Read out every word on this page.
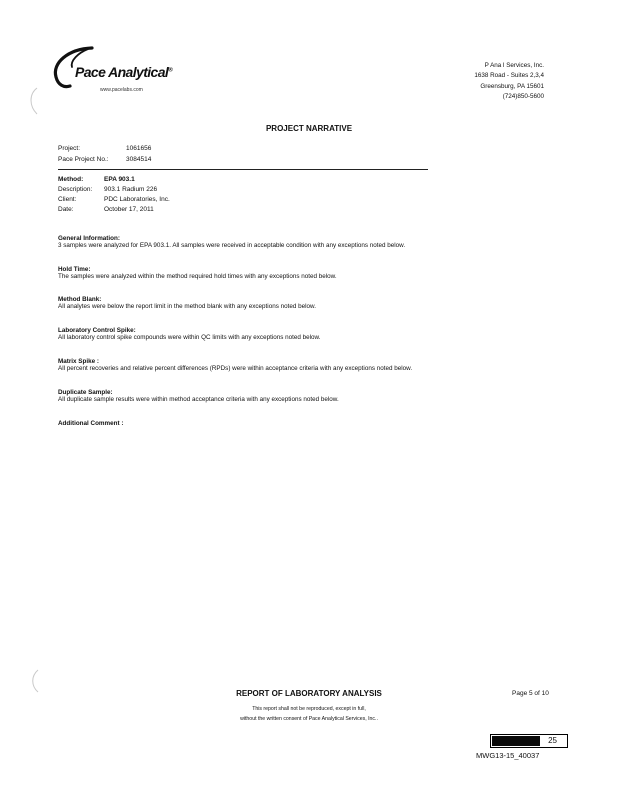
Pace Analytical®
www.pacelabs.com
P Ana l Services, Inc.
1638 Road - Suites 2,3,4
Greensburg, PA 15601
(724)850-5600
PROJECT NARRATIVE
Project:	1061656
Pace Project No.:	3084514
Method:	EPA 903.1
Description: 903.1 Radium 226
Client:	PDC Laboratories, Inc.
Date:	October 17, 2011
General Information:
3 samples were analyzed for EPA 903.1. All samples were received in acceptable condition with any exceptions noted below.
Hold Time:
The samples were analyzed within the method required hold times with any exceptions noted below.
Method Blank:
All analytes were below the report limit in the method blank with any exceptions noted below.
Laboratory Control Spike:
All laboratory control spike compounds were within QC limits with any exceptions noted below.
Matrix Spike :
All percent recoveries and relative percent differences (RPDs) were within acceptance criteria with any exceptions noted below.
Duplicate Sample:
All duplicate sample results were within method acceptance criteria with any exceptions noted below.
Additional Comment :
REPORT OF LABORATORY ANALYSIS	Page 5 of 10
This report shall not be reproduced, except in full,
without the written consent of Pace Analytical Services, Inc..
25
MWG13-15_40037
